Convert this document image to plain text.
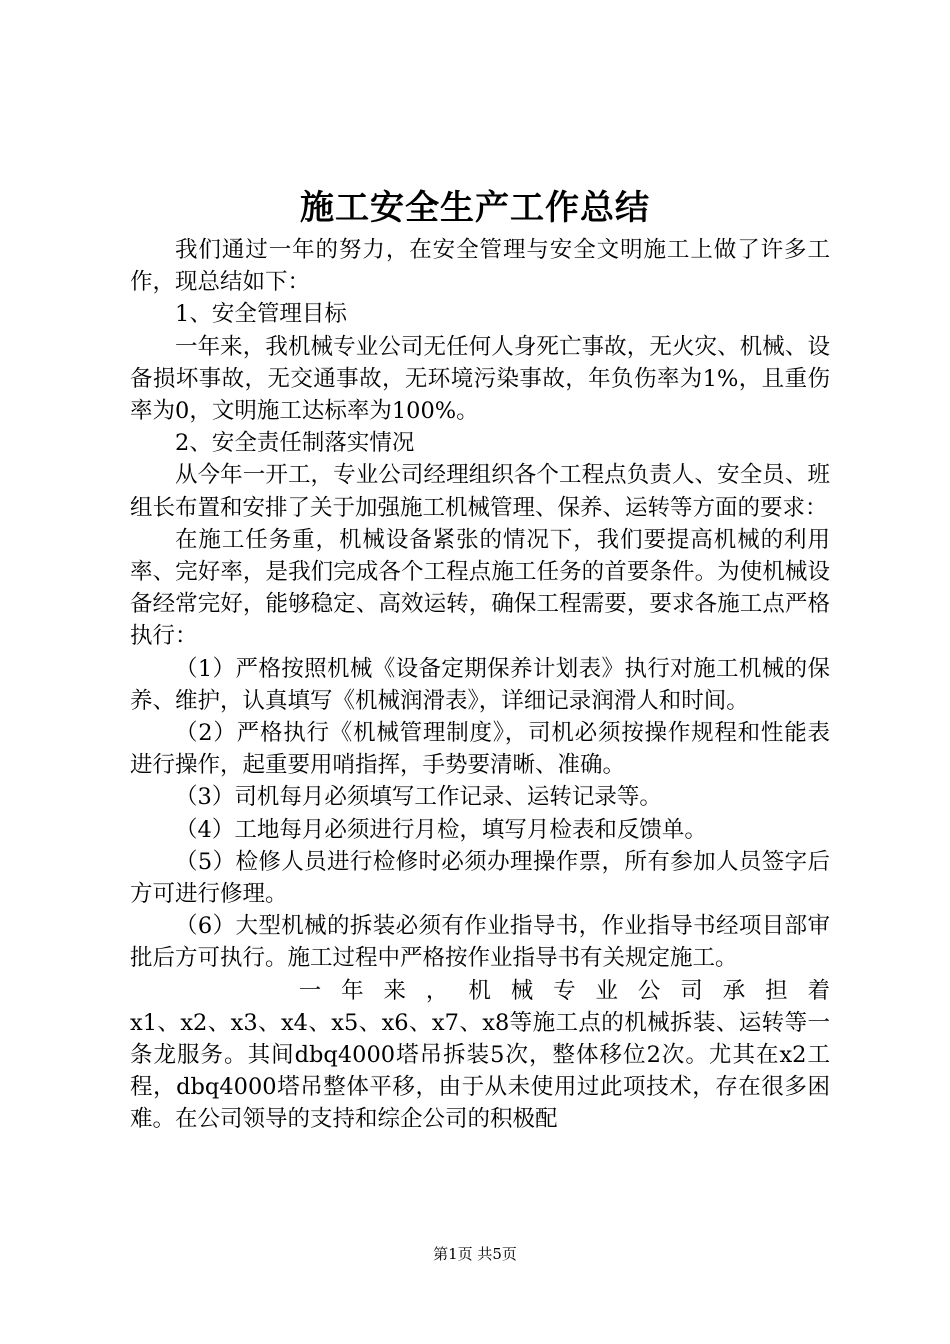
施工安全生产工作总结

我们通过一年的努力，在安全管理与安全文明施工上做了许多工作，现总结如下：

1、安全管理目标

一年来，我机械专业公司无任何人身死亡事故，无火灾、机械、设备损坏事故，无交通事故，无环境污染事故，年负伤率为1%，且重伤率为0，文明施工达标率为100%。

2、安全责任制落实情况

从今年一开工，专业公司经理组织各个工程点负责人、安全员、班组长布置和安排了关于加强施工机械管理、保养、运转等方面的要求：

在施工任务重，机械设备紧张的情况下，我们要提高机械的利用率、完好率，是我们完成各个工程点施工任务的首要条件。为使机械设备经常完好，能够稳定、高效运转，确保工程需要，要求各施工点严格执行：

（1）严格按照机械《设备定期保养计划表》执行对施工机械的保养、维护，认真填写《机械润滑表》，详细记录润滑人和时间。

（2）严格执行《机械管理制度》，司机必须按操作规程和性能表进行操作，起重要用哨指挥，手势要清晰、准确。

（3）司机每月必须填写工作记录、运转记录等。

（4）工地每月必须进行月检，填写月检表和反馈单。

（5）检修人员进行检修时必须办理操作票，所有参加人员签字后方可进行修理。

（6）大型机械的拆装必须有作业指导书，作业指导书经项目部审批后方可执行。施工过程中严格按作业指导书有关规定施工。

一年来，机械专业公司承担着

x1、x2、x3、x4、x5、x6、x7、x8等施工点的机械拆装、运转等一条龙服务。其间dbq4000塔吊拆装5次，整体移位2次。尤其在x2工程，dbq4000塔吊整体平移，由于从未使用过此项技术，存在很多困难。在公司领导的支持和综企公司的积极配

第1页 共5页
